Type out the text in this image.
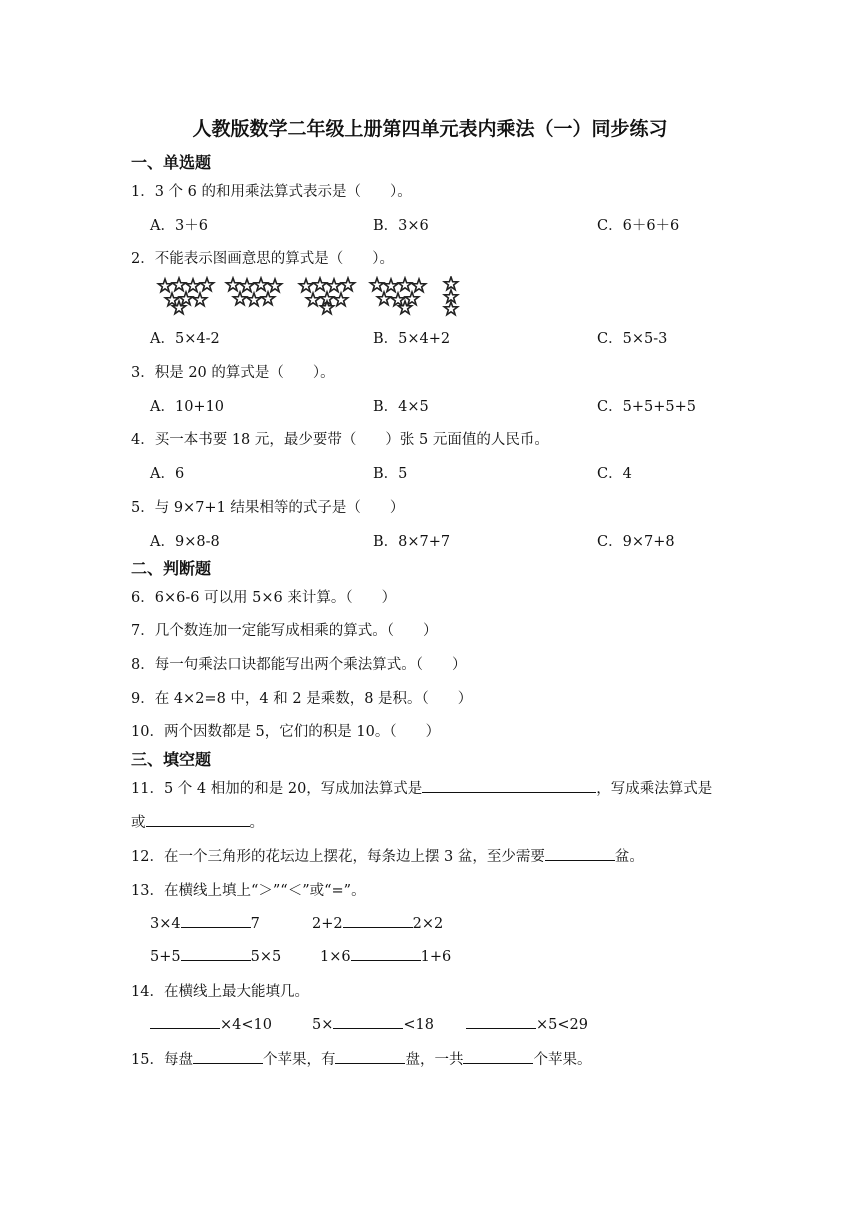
人教版数学二年级上册第四单元表内乘法（一）同步练习
一、单选题
1．3 个 6 的和用乘法算式表示是（　　）。
A．3＋6	B．3×6	C．6＋6＋6
2．不能表示图画意思的算式是（　　）。
A．5×4-2	B．5×4+2	C．5×5-3
3．积是 20 的算式是（　　）。
A．10+10	B．4×5	C．5+5+5+5
4．买一本书要 18 元，最少要带（　　）张 5 元面值的人民币。
A．6	B．5	C．4
5．与 9×7+1 结果相等的式子是（　　）
A．9×8-8	B．8×7+7	C．9×7+8
二、判断题
6．6×6-6 可以用 5×6 来计算。（　　）
7．几个数连加一定能写成相乘的算式。（　　）
8．每一句乘法口诀都能写出两个乘法算式。（　　）
9．在 4×2=8 中，4 和 2 是乘数，8 是积。（　　）
10．两个因数都是 5，它们的积是 10。（　　）
三、填空题
11．5 个 4 相加的和是 20，写成加法算式是	，写成乘法算式是
或	。
12．在一个三角形的花坛边上摆花，每条边上摆 3 盆，至少需要	盆。
13．在横线上填上“＞”“＜”或“=”。
3×4	7	2+2	2×2
5+5	5×5	1×6	1+6
14．在横线上最大能填几。
×4<10	5×	<18	×5<29
15．每盘	个苹果，有	盘，一共	个苹果。
